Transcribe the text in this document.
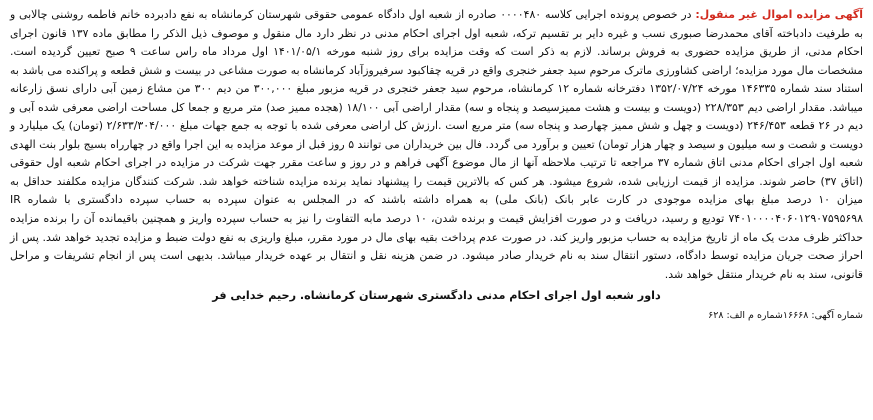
آگهی مزایده اموال غیر منقول: در خصوص پرونده اجرایی کلاسه ۰۰۰۰۴۸۰ صادره از شعبه اول دادگاه عمومی حقوقی شهرستان کرمانشاه به نفع دادبرده خانم فاطمه روشنی چالابی و به طرفیت دادباخته آقای محمدرضا صبوری نسب و غیره دایر بر تقسیم ترکه، شعبه اول اجرای احکام مدنی در نظر دارد مال منقول و موصوف ذیل الذکر را مطابق ماده ۱۳۷ قانون اجرای احکام مدنی، از طریق مزایده حضوری به فروش برساند. لازم به ذکر است که وقت مزایده برای روز شنبه مورخه ۱۴۰۱/۰۵/۱ اول مرداد ماه راس ساعت ۹ صبح تعیین گردیده است. مشخصات مال مورد مزایده؛ اراضی کشاورزی ماترک مرحوم سید جعفر خنجری واقع در قریه چقاکبود سرفیروزآباد کرمانشاه به صورت مشاعی در بیست و شش قطعه و پراکنده می باشد به استناد سند شماره ۱۴۶۳۳۵ مورخه ۱۳۵۲/۰۷/۲۴ دفترخانه شماره ۱۲ کرمانشاه، مرحوم سید جعفر خنجری در قریه مزبور مبلغ ۳۰۰,۰۰۰ من دیم ۳۰۰ من مشاع زمین آبی دارای نسق زارعانه میباشد. مقدار اراضی دیم ۲۲۸/۳۵۳ (دویست و بیست و هشت ممیزسیصد و پنجاه و سه) مقدار اراضی آبی ۱۸/۱۰۰ (هجده ممیز صد) متر مربع و جمعا کل مساحت اراضی معرفی شده آبی و دیم در ۲۶ قطعه ۲۴۶/۴۵۳ (دویست و چهل و شش ممیز چهارصد و پنجاه سه) متر مربع است .ارزش کل اراضی معرفی شده با توجه به جمع جهات مبلغ ۲/۶۳۳/۳۰۴/۰۰۰ (تومان) یک میلیارد و دویست و شصت و سه میلیون و سیصد و چهار هزار تومان) تعیین و برآورد می گردد. فال بین خریداران می توانند ۵ روز قبل از موعد مزایده به این اجرا واقع در چهارراه بسیج بلوار بنت الهدی شعبه اول اجرای احکام مدنی اتاق شماره ۳۷ مراجعه تا ترتیب ملاحظه آنها از مال موضوع آگهی فراهم و در روز و ساعت مقرر جهت شرکت در مزایده در اجرای احکام شعبه اول حقوقی (اتاق ۳۷) حاضر شوند. مزایده از قیمت ارزیابی شده، شروع میشود. هر کس که بالاترین قیمت را پیشنهاد نماید برنده مزایده شناخته خواهد شد. شرکت کنندگان مزایده مکلفند حداقل به میزان ۱۰ درصد مبلغ بهای مزایده موجودی در کارت عابر بانک (بانک ملی) به همراه داشته باشند که در المجلس به عنوان سپرده به حساب سپرده دادگستری با شماره IR ۷۴۰۱۰۰۰۰۴۰۶۰۱۲۹۰۷۵۹۵۶۹۸ تودیع و رسید، دریافت و در صورت افزایش قیمت و برنده شدن، ۱۰ درصد مابه التفاوت را نیز به حساب سپرده واریز و همچنین باقیمانده آن را برنده مزایده حداکثر ظرف مدت یک ماه از تاریخ مزایده به حساب مزبور واریز کند. در صورت عدم پرداخت بقیه بهای مال در مورد مقرر، مبلغ واریزی به نفع دولت ضبط و مزایده تجدید خواهد شد. پس از احراز صحت جریان مزایده توسط دادگاه، دستور انتقال سند به نام خریدار صادر میشود. در ضمن هزینه نقل و انتقال بر عهده خریدار میباشد. بدیهی است پس از انجام تشریفات و مراحل قانونی، سند به نام خریدار منتقل خواهد شد.

داور شعبه اول اجرای احکام مدنی دادگستری شهرستان کرمانشاه. رحیم خدایی فر

شماره آگهی: ۱۶۶۶۸شماره م الف: ۶۲۸
